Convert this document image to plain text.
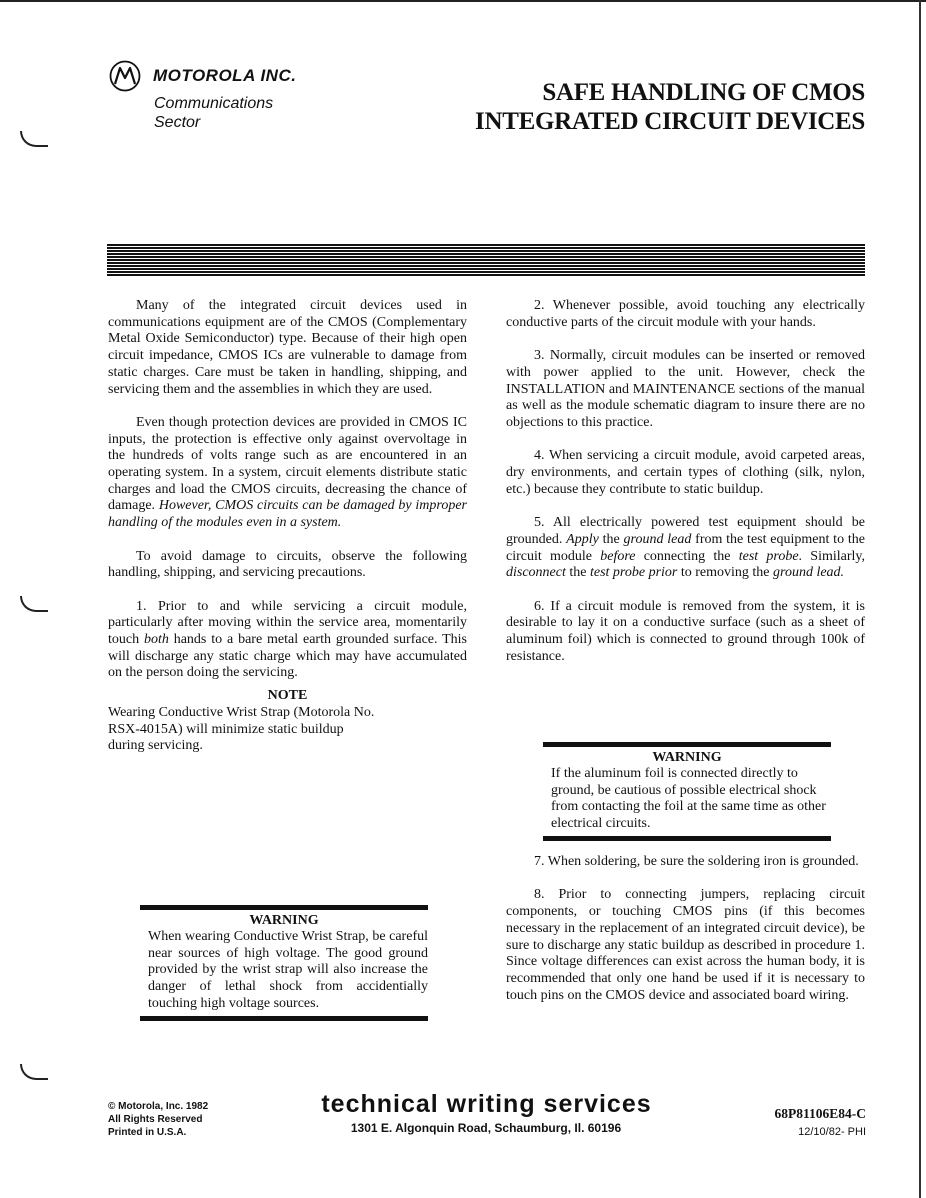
MOTOROLA INC.
Communications
Sector
SAFE HANDLING OF CMOS
INTEGRATED CIRCUIT DEVICES

Many of the integrated circuit devices used in communications equipment are of the CMOS (Complementary Metal Oxide Semiconductor) type. Because of their high open circuit impedance, CMOS ICs are vulnerable to damage from static charges. Care must be taken in handling, shipping, and servicing them and the assemblies in which they are used.

Even though protection devices are provided in CMOS IC inputs, the protection is effective only against overvoltage in the hundreds of volts range such as are encountered in an operating system. In a system, circuit elements distribute static charges and load the CMOS circuits, decreasing the chance of damage. However, CMOS circuits can be damaged by improper handling of the modules even in a system.

To avoid damage to circuits, observe the following handling, shipping, and servicing precautions.

1. Prior to and while servicing a circuit module, particularly after moving within the service area, momentarily touch both hands to a bare metal earth grounded surface. This will discharge any static charge which may have accumulated on the person doing the servicing.

NOTE

Wearing Conductive Wrist Strap (Motorola No. RSX-4015A) will minimize static buildup during servicing.

WARNING
When wearing Conductive Wrist Strap, be careful near sources of high voltage. The good ground provided by the wrist strap will also increase the danger of lethal shock from accidentially touching high voltage sources.

2. Whenever possible, avoid touching any electrically conductive parts of the circuit module with your hands.

3. Normally, circuit modules can be inserted or removed with power applied to the unit. However, check the INSTALLATION and MAINTENANCE sections of the manual as well as the module schematic diagram to insure there are no objections to this practice.

4. When servicing a circuit module, avoid carpeted areas, dry environments, and certain types of clothing (silk, nylon, etc.) because they contribute to static buildup.

5. All electrically powered test equipment should be grounded. Apply the ground lead from the test equipment to the circuit module before connecting the test probe. Similarly, disconnect the test probe prior to removing the ground lead.

6. If a circuit module is removed from the system, it is desirable to lay it on a conductive surface (such as a sheet of aluminum foil) which is connected to ground through 100k of resistance.

WARNING
If the aluminum foil is connected directly to ground, be cautious of possible electrical shock from contacting the foil at the same time as other electrical circuits.

7. When soldering, be sure the soldering iron is grounded.

8. Prior to connecting jumpers, replacing circuit components, or touching CMOS pins (if this becomes necessary in the replacement of an integrated circuit device), be sure to discharge any static buildup as described in procedure 1. Since voltage differences can exist across the human body, it is recommended that only one hand be used if it is necessary to touch pins on the CMOS device and associated board wiring.

© Motorola, Inc. 1982
All Rights Reserved
Printed in U.S.A.
technical writing services
1301 E. Algonquin Road, Schaumburg, Il. 60196
68P81106E84-C
12/10/82- PHI
